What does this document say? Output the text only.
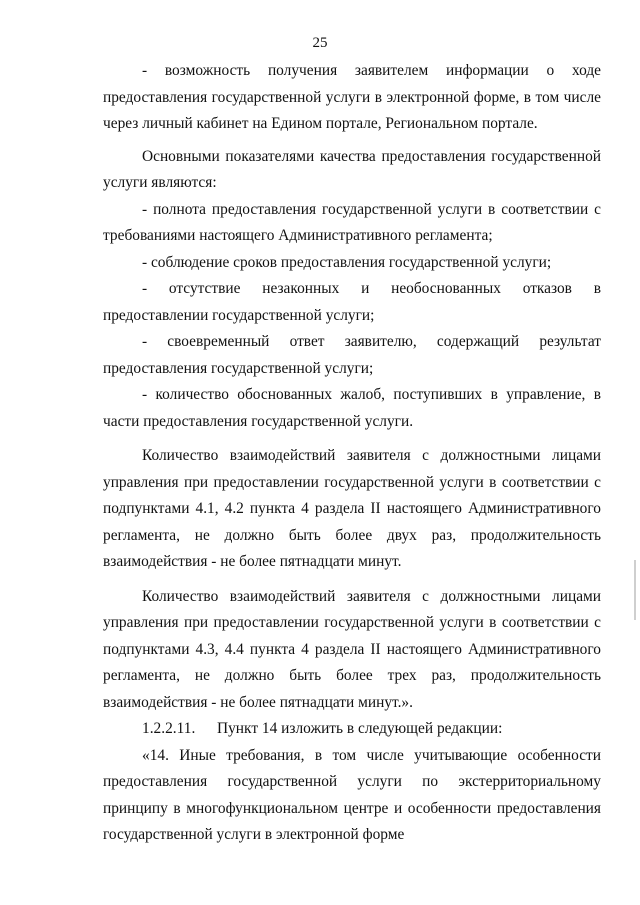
25

- возможность получения заявителем информации о ходе предоставления государственной услуги в электронной форме, в том числе через личный кабинет на Едином портале, Региональном портале.

Основными показателями качества предоставления государственной услуги являются:

- полнота предоставления государственной услуги в соответствии с требованиями настоящего Административного регламента;

- соблюдение сроков предоставления государственной услуги;

- отсутствие незаконных и необоснованных отказов в предоставлении государственной услуги;

- своевременный ответ заявителю, содержащий результат предоставления государственной услуги;

- количество обоснованных жалоб, поступивших в управление, в части предоставления государственной услуги.

Количество взаимодействий заявителя с должностными лицами управления при предоставлении государственной услуги в соответствии с подпунктами 4.1, 4.2 пункта 4 раздела II настоящего Административного регламента, не должно быть более двух раз, продолжительность взаимодействия - не более пятнадцати минут.

Количество взаимодействий заявителя с должностными лицами управления при предоставлении государственной услуги в соответствии с подпунктами 4.3, 4.4 пункта 4 раздела II настоящего Административного регламента, не должно быть более трех раз, продолжительность взаимодействия - не более пятнадцати минут.».

1.2.2.11. Пункт 14 изложить в следующей редакции:

«14. Иные требования, в том числе учитывающие особенности предоставления государственной услуги по экстерриториальному принципу в многофункциональном центре и особенности предоставления государственной услуги в электронной форме
